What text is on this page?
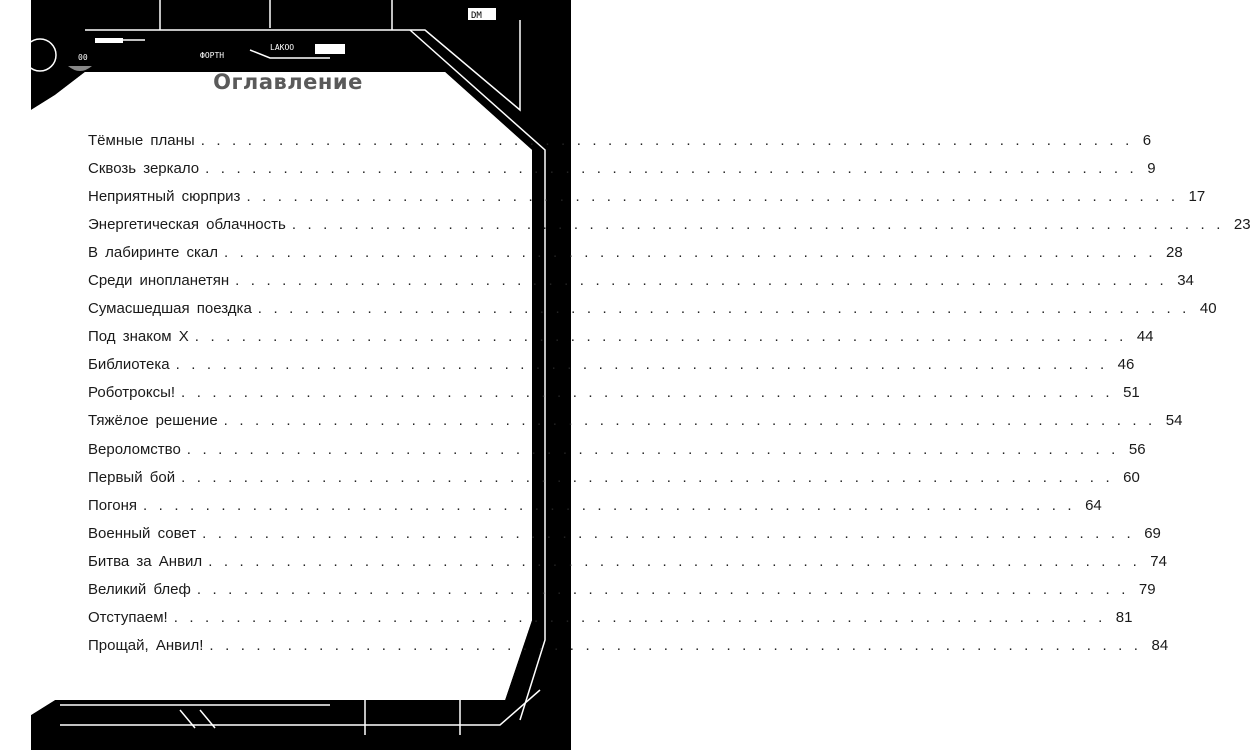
00	ФОРТН
LAKOO
DM
Оглавление
Тёмные планы ............................................................ 6
Сквозь зеркало ............................................................ 9
Неприятный сюрприз ............................................................ 17
Энергетическая облачность ............................................................ 23
В лабиринте скал ............................................................ 28
Среди инопланетян ............................................................ 34
Сумасшедшая поездка ............................................................ 40
Под знаком Х ............................................................ 44
Библиотека ............................................................ 46
Роботроксы! ............................................................ 51
Тяжёлое решение ............................................................ 54
Вероломство ............................................................ 56
Первый бой ............................................................ 60
Погоня ............................................................ 64
Военный совет ............................................................ 69
Битва за Анвил ............................................................ 74
Великий блеф ............................................................ 79
Отступаем! ............................................................ 81
Прощай, Анвил! ............................................................ 84
